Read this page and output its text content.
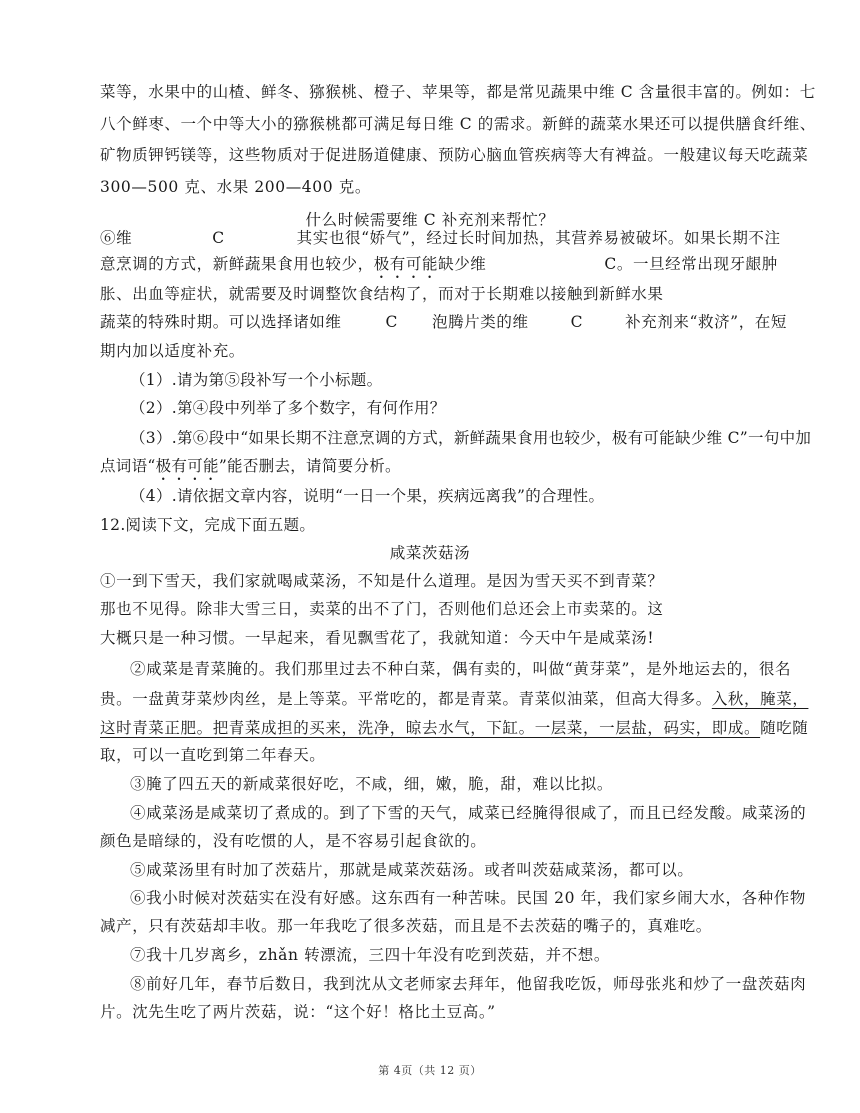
菜等，水果中的山楂、鲜冬、猕猴桃、橙子、苹果等，都是常见蔬果中维 C 含量很丰富的。例如：七
八个鲜枣、一个中等大小的猕猴桃都可满足每日维 C 的需求。新鲜的蔬菜水果还可以提供膳食纤维、
矿物质钾钙镁等，这些物质对于促进肠道健康、预防心脑血管疾病等大有裨益。一般建议每天吃蔬菜
300—500 克、水果 200—400 克。
什么时候需要维 C 补充剂来帮忙？
⑥维	C	其实也很“娇气”，经过长时间加热，其营养易被破坏。如果长期不注
意烹调的方式，新鲜蔬果食用也较少，极有可能缺少维	C。一旦经常出现牙龈肿
胀、出血等症状，就需要及时调整饮食结构了，而对于长期难以接触到新鲜水果
蔬菜的特殊时期。可以选择诸如维	C 泡腾片类的维	C	补充剂来“救济”，在短
期内加以适度补充。
（1）.请为第⑤段补写一个小标题。
（2）.第④段中列举了多个数字，有何作用？
（3）.第⑥段中“如果长期不注意烹调的方式，新鲜蔬果食用也较少，极有可能缺少维 C”一句中加
点词语“极有可能”能否删去，请简要分析。
（4）.请依据文章内容，说明“一日一个果，疾病远离我”的合理性。
12.阅读下文，完成下面五题。
咸菜茨菇汤
①一到下雪天，我们家就喝咸菜汤，不知是什么道理。是因为雪天买不到青菜？
那也不见得。除非大雪三日，卖菜的出不了门，否则他们总还会上市卖菜的。这
大概只是一种习惯。一早起来，看见飘雪花了，我就知道：今天中午是咸菜汤!
②咸菜是青菜腌的。我们那里过去不种白菜，偶有卖的，叫做“黄芽菜”，是外地运去的，很名
贵。一盘黄芽菜炒肉丝，是上等菜。平常吃的，都是青菜。青菜似油菜，但高大得多。入秋，腌菜，
这时青菜正肥。把青菜成担的买来，洗净，晾去水气，下缸。一层菜，一层盐，码实，即成。随吃随
取，可以一直吃到第二年春天。
③腌了四五天的新咸菜很好吃，不咸，细，嫩，脆，甜，难以比拟。
④咸菜汤是咸菜切了煮成的。到了下雪的天气，咸菜已经腌得很咸了，而且已经发酸。咸菜汤的
颜色是暗绿的，没有吃惯的人，是不容易引起食欲的。
⑤咸菜汤里有时加了茨菇片，那就是咸菜茨菇汤。或者叫茨菇咸菜汤，都可以。
⑥我小时候对茨菇实在没有好感。这东西有一种苦味。民国 20 年，我们家乡闹大水，各种作物
减产，只有茨菇却丰收。那一年我吃了很多茨菇，而且是不去茨菇的嘴子的，真难吃。
⑦我十几岁离乡，zhǎn 转漂流，三四十年没有吃到茨菇，并不想。
⑧前好几年，春节后数日，我到沈从文老师家去拜年，他留我吃饭，师母张兆和炒了一盘茨菇肉
片。沈先生吃了两片茨菇，说：“这个好！格比土豆高。”
第 4页（共 12 页）
